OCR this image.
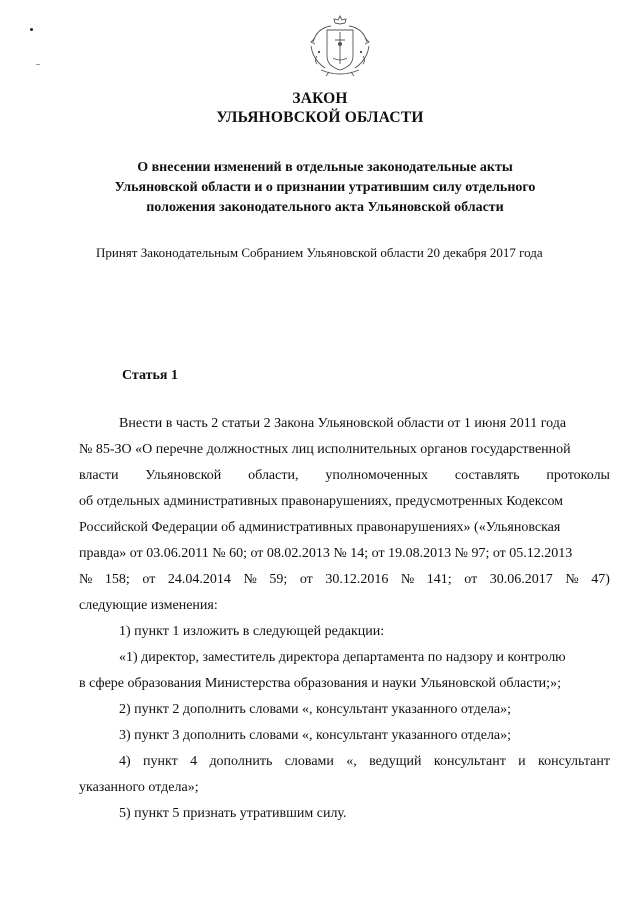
ЗАКОН
УЛЬЯНОВСКОЙ ОБЛАСТИ
О внесении изменений в отдельные законодательные акты
Ульяновской области и о признании утратившим силу отдельного
положения законодательного акта Ульяновской области
Принят Законодательным Собранием Ульяновской области 20 декабря 2017 года
Статья 1
Внести в часть 2 статьи 2 Закона Ульяновской области от 1 июня 2011 года
№ 85-ЗО «О перечне должностных лиц исполнительных органов государственной
власти Ульяновской области, уполномоченных составлять протоколы
об отдельных административных правонарушениях, предусмотренных Кодексом
Российской Федерации об административных правонарушениях» («Ульяновская
правда» от 03.06.2011 № 60; от 08.02.2013 № 14; от 19.08.2013 № 97; от 05.12.2013
№ 158; от 24.04.2014 № 59; от 30.12.2016 № 141; от 30.06.2017 № 47)
следующие изменения:
1) пункт 1 изложить в следующей редакции:
«1) директор, заместитель директора департамента по надзору и контролю
в сфере образования Министерства образования и науки Ульяновской области;»;
2) пункт 2 дополнить словами «, консультант указанного отдела»;
3) пункт 3 дополнить словами «, консультант указанного отдела»;
4) пункт 4 дополнить словами «, ведущий консультант и консультант
указанного отдела»;
5) пункт 5 признать утратившим силу.
